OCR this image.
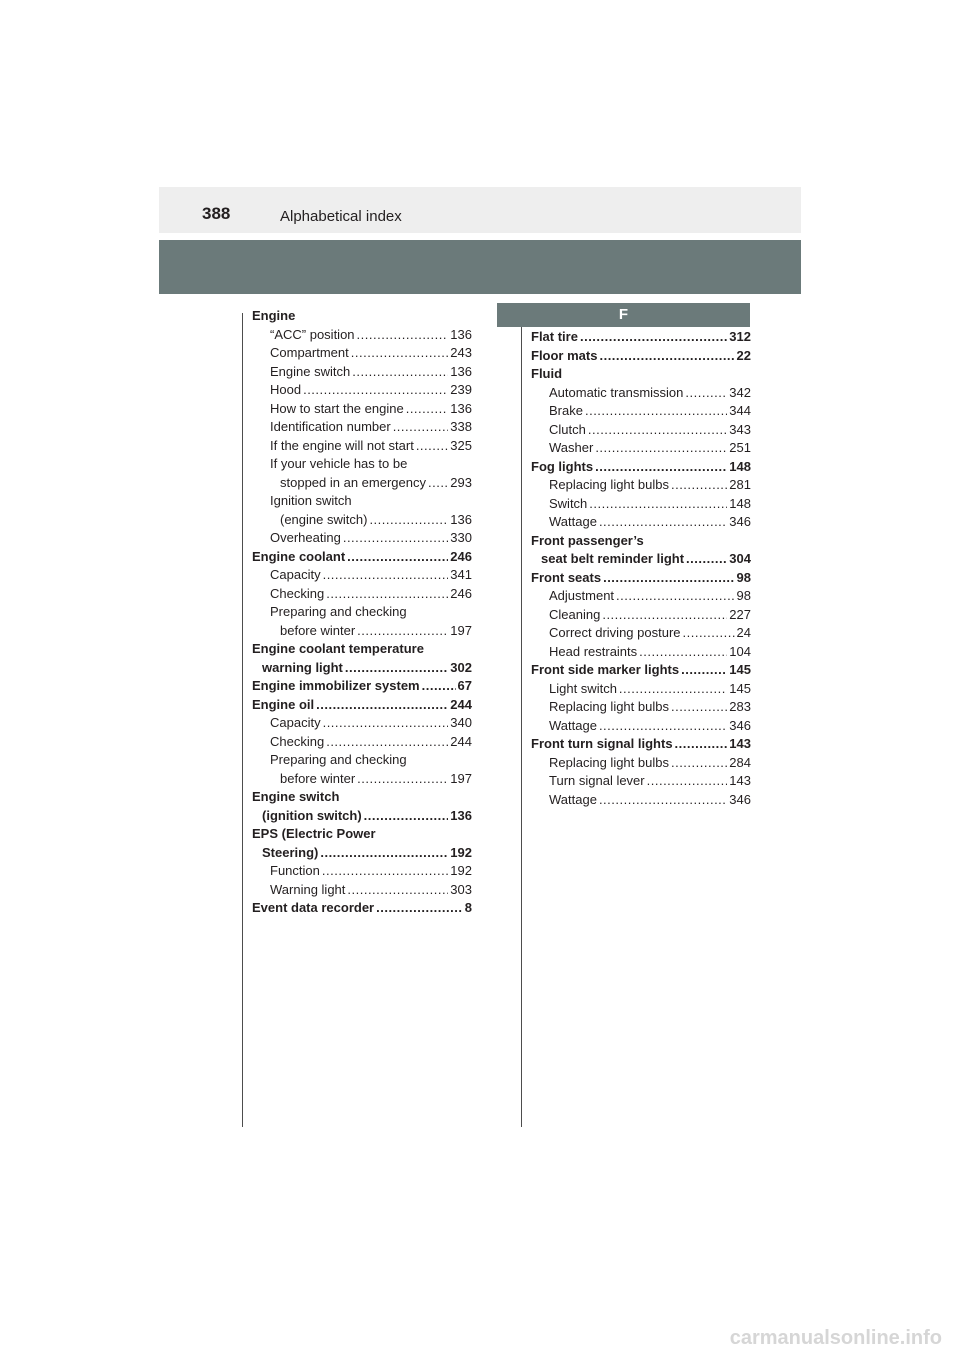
388	Alphabetical index
F
Engine
“ACC” position .....	136
Compartment .....	243
Engine switch .....	136
Hood .....	239
How to start the engine .....	136
Identification number .....	338
If the engine will not start .....	325
If your vehicle has to be
stopped in an emergency ..... 293
Ignition switch
(engine switch) .....	136
Overheating .....	330
Engine coolant .....	246
Capacity .....	341
Checking .....	246
Preparing and checking
before winter .....	197
Engine coolant temperature
warning light .....	302
Engine immobilizer system .....	67
Engine oil .....	244
Capacity .....	340
Checking .....	244
Preparing and checking
before winter .....	197
Engine switch
(ignition switch) .....	136
EPS (Electric Power
Steering) .....	192
Function .....	192
Warning light .....	303
Event data recorder .....	8
Flat tire .....	312
Floor mats .....	22
Fluid
Automatic transmission .....	342
Brake .....	344
Clutch .....	343
Washer .....	251
Fog lights .....	148
Replacing light bulbs .....	281
Switch .....	148
Wattage .....	346
Front passenger’s
seat belt reminder light .....	304
Front seats .....	98
Adjustment .....	98
Cleaning .....	227
Correct driving posture .....	24
Head restraints .....	104
Front side marker lights .....	145
Light switch .....	145
Replacing light bulbs .....	283
Wattage .....	346
Front turn signal lights .....	143
Replacing light bulbs .....	284
Turn signal lever .....	143
Wattage .....	346
carmanualsonline.info
